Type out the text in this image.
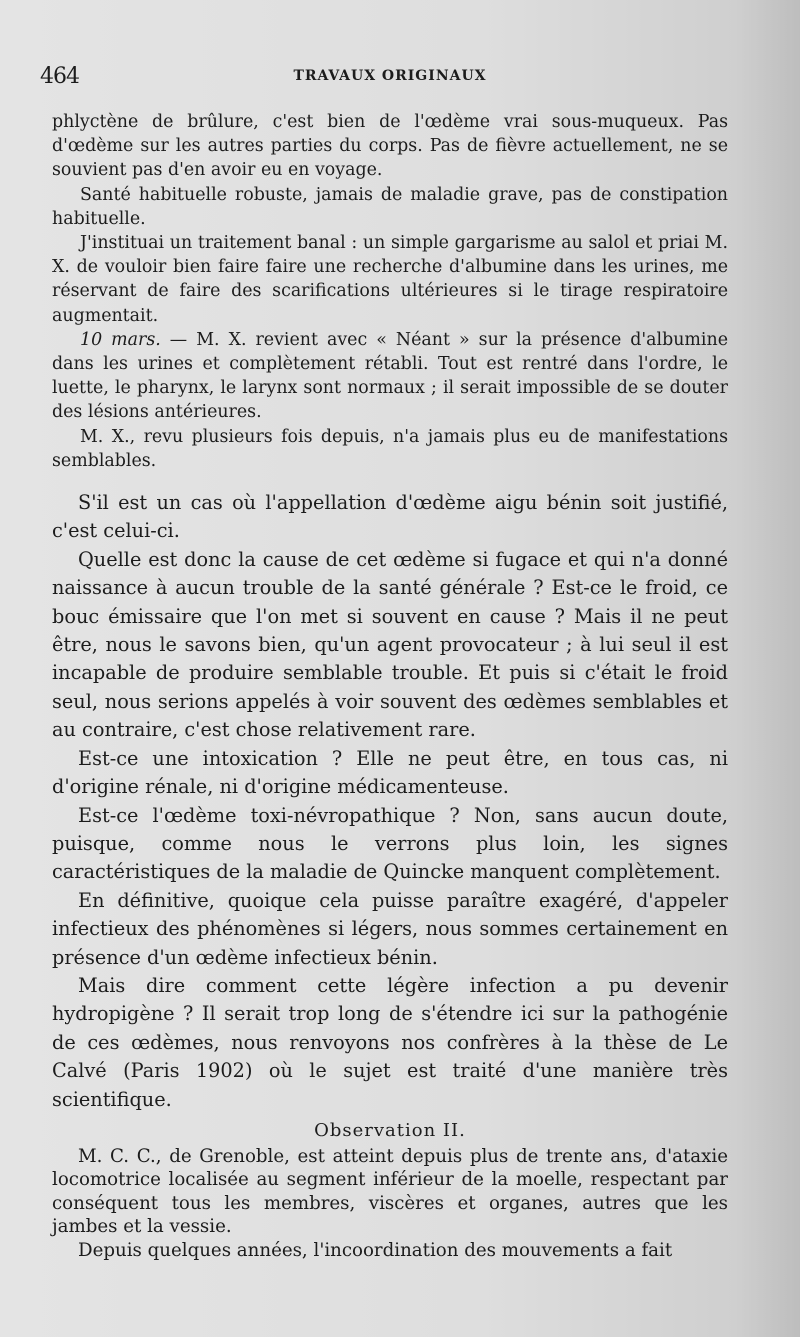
464	TRAVAUX ORIGINAUX

phlyctène de brûlure, c'est bien de l'œdème vrai sous-muqueux. Pas d'œdème sur les autres parties du corps. Pas de fièvre actuellement, ne se souvient pas d'en avoir eu en voyage.

Santé habituelle robuste, jamais de maladie grave, pas de constipation habituelle.

J'instituai un traitement banal : un simple gargarisme au salol et priai M. X. de vouloir bien faire faire une recherche d'albumine dans les urines, me réservant de faire des scarifications ultérieures si le tirage respiratoire augmentait.

10 mars. — M. X. revient avec « Néant » sur la présence d'albumine dans les urines et complètement rétabli. Tout est rentré dans l'ordre, le luette, le pharynx, le larynx sont normaux ; il serait impossible de se douter des lésions antérieures.

M. X., revu plusieurs fois depuis, n'a jamais plus eu de manifestations semblables.

S'il est un cas où l'appellation d'œdème aigu bénin soit justifié, c'est celui-ci.

Quelle est donc la cause de cet œdème si fugace et qui n'a donné naissance à aucun trouble de la santé générale ? Est-ce le froid, ce bouc émissaire que l'on met si souvent en cause ? Mais il ne peut être, nous le savons bien, qu'un agent provocateur ; à lui seul il est incapable de produire semblable trouble. Et puis si c'était le froid seul, nous serions appelés à voir souvent des œdèmes semblables et au contraire, c'est chose relativement rare.

Est-ce une intoxication ? Elle ne peut être, en tous cas, ni d'origine rénale, ni d'origine médicamenteuse.

Est-ce l'œdème toxi-névropathique ? Non, sans aucun doute, puisque, comme nous le verrons plus loin, les signes caractéristiques de la maladie de Quincke manquent complètement.

En définitive, quoique cela puisse paraître exagéré, d'appeler infectieux des phénomènes si légers, nous sommes certainement en présence d'un œdème infectieux bénin.

Mais dire comment cette légère infection a pu devenir hydropigène ? Il serait trop long de s'étendre ici sur la pathogénie de ces œdèmes, nous renvoyons nos confrères à la thèse de Le Calvé (Paris 1902) où le sujet est traité d'une manière très scientifique.

Observation II.

M. C. C., de Grenoble, est atteint depuis plus de trente ans, d'ataxie locomotrice localisée au segment inférieur de la moelle, respectant par conséquent tous les membres, viscères et organes, autres que les jambes et la vessie.

Depuis quelques années, l'incoordination des mouvements a fait
